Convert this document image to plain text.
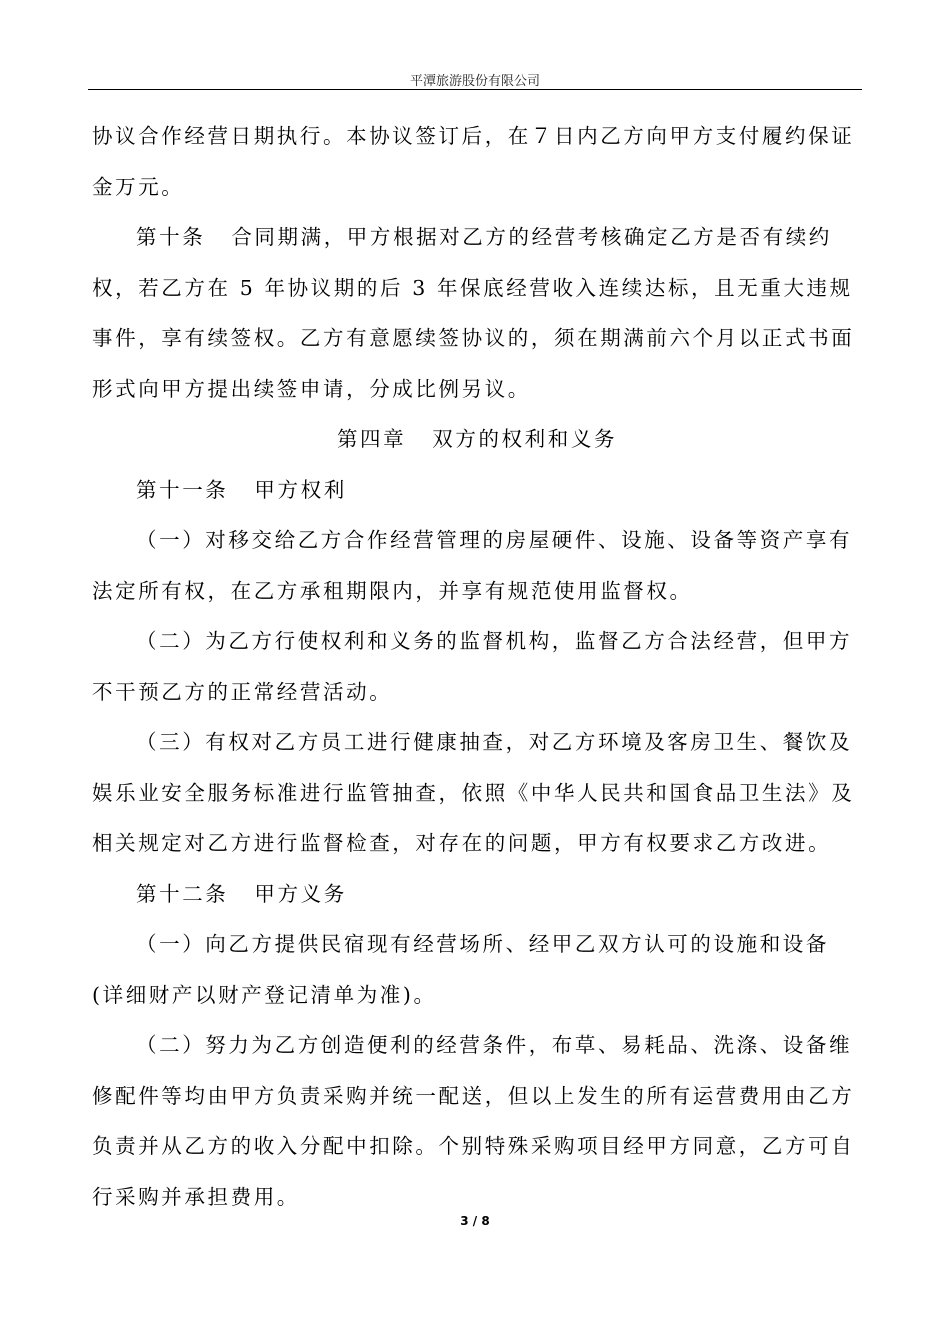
平潭旅游股份有限公司

协议合作经营日期执行。本协议签订后，在７日内乙方向甲方支付履约保证金万元。

第十条 合同期满，甲方根据对乙方的经营考核确定乙方是否有续约权，若乙方在 5 年协议期的后 3 年保底经营收入连续达标，且无重大违规事件，享有续签权。乙方有意愿续签协议的，须在期满前六个月以正式书面形式向甲方提出续签申请，分成比例另议。

第四章 双方的权利和义务

第十一条 甲方权利

（一）对移交给乙方合作经营管理的房屋硬件、设施、设备等资产享有法定所有权，在乙方承租期限内，并享有规范使用监督权。

（二）为乙方行使权利和义务的监督机构，监督乙方合法经营，但甲方不干预乙方的正常经营活动。

（三）有权对乙方员工进行健康抽查，对乙方环境及客房卫生、餐饮及娱乐业安全服务标准进行监管抽查，依照《中华人民共和国食品卫生法》及相关规定对乙方进行监督检查，对存在的问题，甲方有权要求乙方改进。

第十二条 甲方义务

（一）向乙方提供民宿现有经营场所、经甲乙双方认可的设施和设备(详细财产以财产登记清单为准)。

（二）努力为乙方创造便利的经营条件，布草、易耗品、洗涤、设备维修配件等均由甲方负责采购并统一配送，但以上发生的所有运营费用由乙方负责并从乙方的收入分配中扣除。个别特殊采购项目经甲方同意，乙方可自行采购并承担费用。

3 / 8
